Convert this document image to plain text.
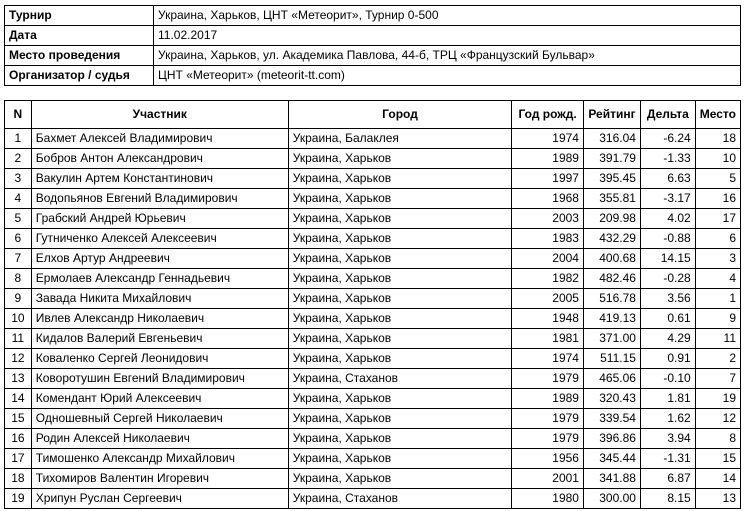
Турнир	Украина, Харьков, ЦНТ «Метеорит», Турнир 0-500
Дата	11.02.2017
Место проведения	Украина, Харьков, ул. Академика Павлова, 44-б, ТРЦ «Французский Бульвар»
Организатор / судья	ЦНТ «Метеорит» (meteorit-tt.com)
N	Участник	Город	Год рожд.	Рейтинг	Дельта	Место
1	Бахмет Алексей Владимирович	Украина, Балаклея	1974	316.04	-6.24	18
2	Бобров Антон Александрович	Украина, Харьков	1989	391.79	-1.33	10
3	Вакулин Артем Константинович	Украина, Харьков	1997	395.45	6.63	5
4	Водопьянов Евгений Владимирович	Украина, Харьков	1968	355.81	-3.17	16
5	Грабский Андрей Юрьевич	Украина, Харьков	2003	209.98	4.02	17
6	Гутниченко Алексей Алексеевич	Украина, Харьков	1983	432.29	-0.88	6
7	Елхов Артур Андреевич	Украина, Харьков	2004	400.68	14.15	3
8	Ермолаев Александр Геннадьевич	Украина, Харьков	1982	482.46	-0.28	4
9	Завада Никита Михайлович	Украина, Харьков	2005	516.78	3.56	1
10	Ивлев Александр Николаевич	Украина, Харьков	1948	419.13	0.61	9
11	Кидалов Валерий Евгеньевич	Украина, Харьков	1981	371.00	4.29	11
12	Коваленко Сергей Леонидович	Украина, Харьков	1974	511.15	0.91	2
13	Коворотушин Евгений Владимирович	Украина, Стаханов	1979	465.06	-0.10	7
14	Комендант Юрий Алексеевич	Украина, Харьков	1989	320.43	1.81	19
15	Одношевный Сергей Николаевич	Украина, Харьков	1979	339.54	1.62	12
16	Родин Алексей Николаевич	Украина, Харьков	1979	396.86	3.94	8
17	Тимошенко Александр Михайлович	Украина, Харьков	1956	345.44	-1.31	15
18	Тихомиров Валентин Игоревич	Украина, Харьков	2001	341.88	6.87	14
19	Хрипун Руслан Сергеевич	Украина, Стаханов	1980	300.00	8.15	13
